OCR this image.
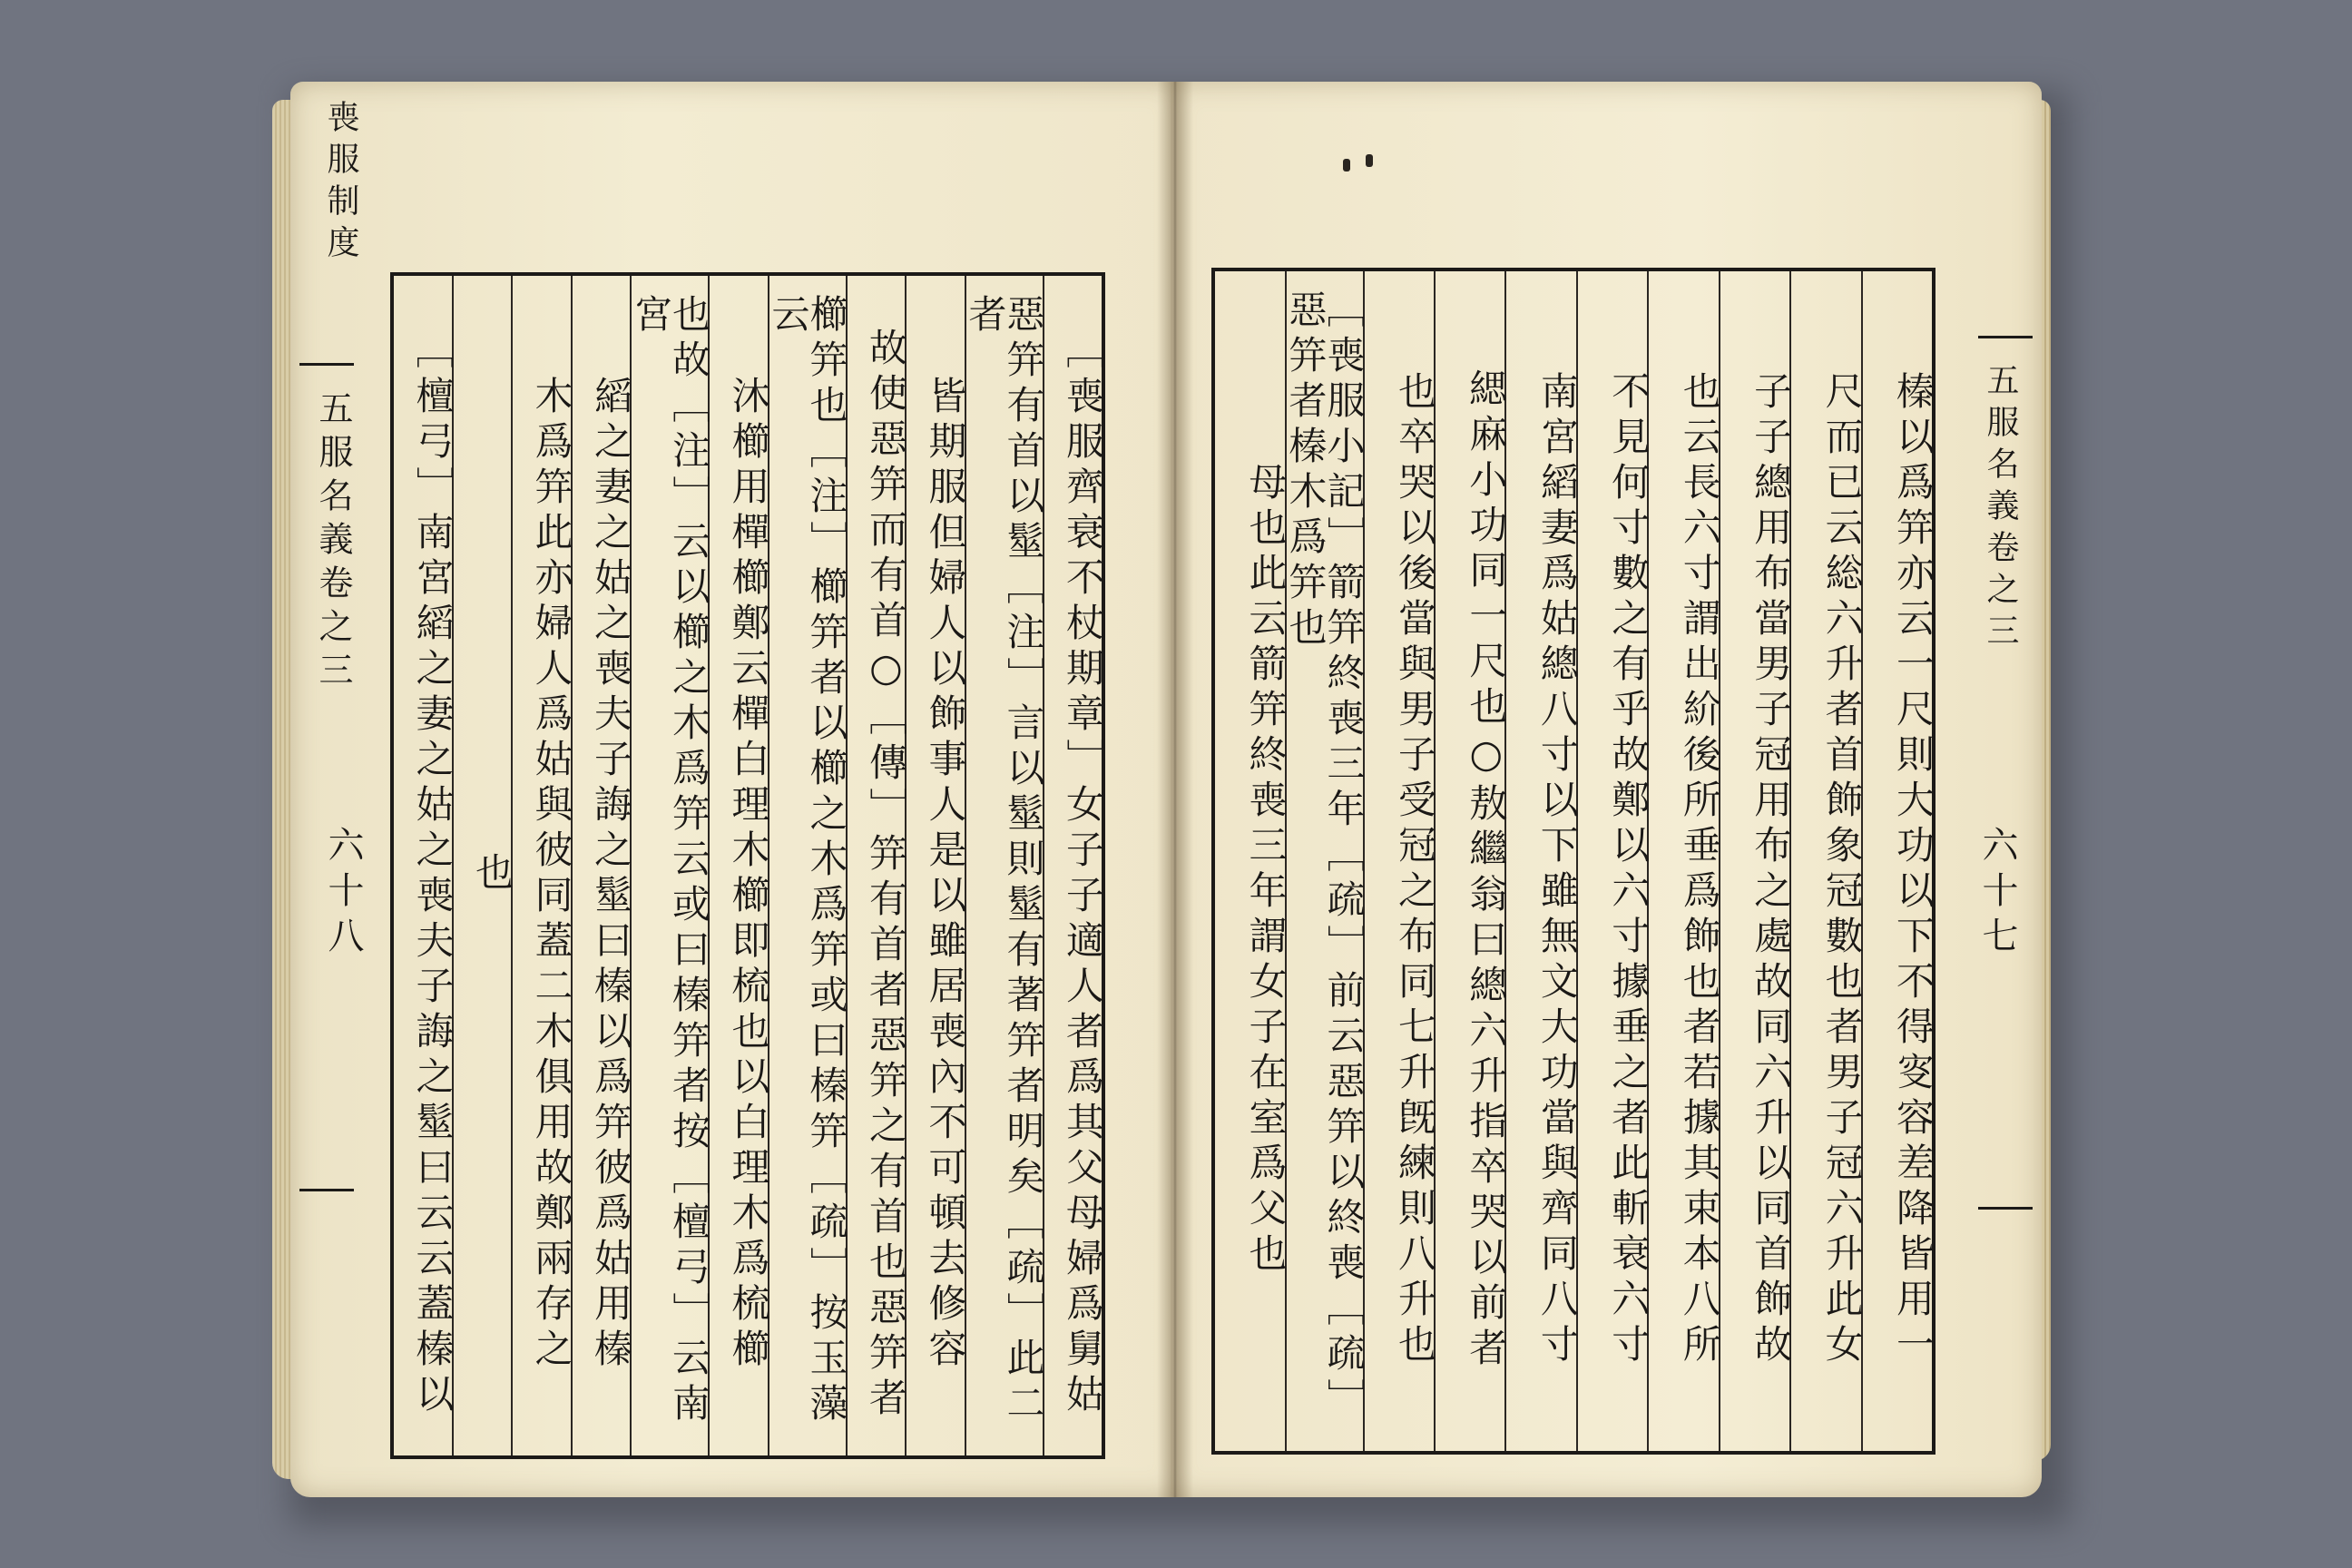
喪服制度
五服名義卷之三
六十八	［喪服齊衰不杖期章］女子子適人者爲其父母婦爲舅姑
惡笄有首以髽［注］言以髽則髽有著笄者明矣［疏］此二者
皆期服但婦人以飾事人是以雖居喪內不可頓去修容
故使惡笄而有首○［傳］笄有首者惡笄之有首也惡笄者
櫛笄也［注］櫛笄者以櫛之木爲笄或曰榛笄［疏］按玉藻云
沐櫛用樿櫛鄭云樿白理木櫛即梳也以白理木爲梳櫛
也故［注］云以櫛之木爲笄云或曰榛笄者按［檀弓］云南宮
縚之妻之姑之喪夫子誨之髽曰榛以爲笄彼爲姑用榛
木爲笄此亦婦人爲姑與彼同蓋二木俱用故鄭兩存之
也
［檀弓］南宮縚之妻之姑之喪夫子誨之髽曰云云蓋榛以	五服名義卷之三
六十七
榛以爲笄亦云一尺則大功以下不得叜容差降皆用一
尺而已云総六升者首飾象冠數也者男子冠六升此女
子子總用布當男子冠用布之處故同六升以同首飾故
也云長六寸謂出紒後所垂爲飾也者若據其束本八所
不見何寸數之有乎故鄭以六寸據垂之者此斬衰六寸
南宮縚妻爲姑總八寸以下雖無文大功當與齊同八寸
緦麻小功同一尺也○敖繼翁曰總六升指卒哭以前者
也卒哭以後當與男子受冠之布同七升旣練則八升也
［喪服小記］箭笄終喪三年［疏］前云惡笄以終喪［疏］惡笄者榛木爲笄也
母也此云箭笄終喪三年謂女子在室爲父也
